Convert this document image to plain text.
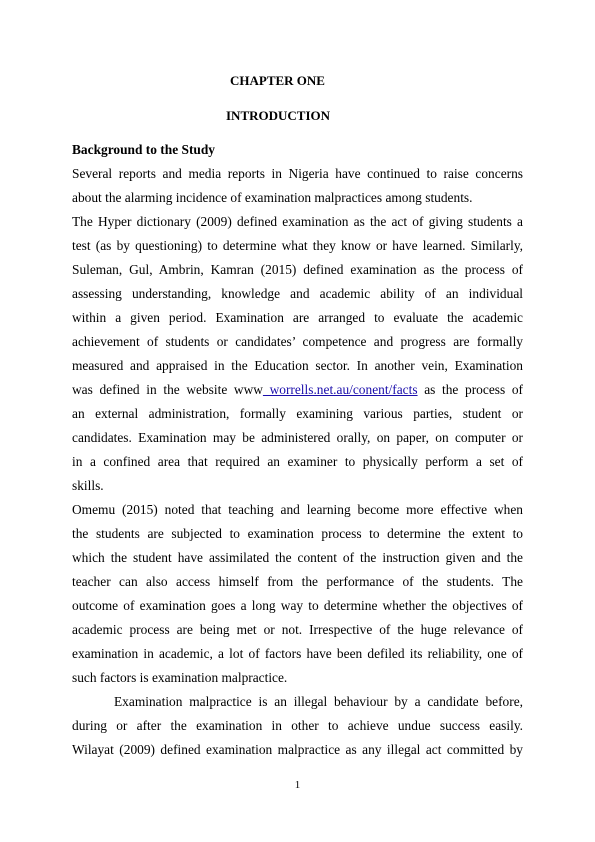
CHAPTER ONE
INTRODUCTION
Background to the Study
Several reports and media reports in Nigeria have continued to raise concerns
about the alarming incidence of examination malpractices among students.
The Hyper dictionary (2009) defined examination as the act of giving students a
test (as by questioning) to determine what they know or have learned. Similarly,
Suleman, Gul, Ambrin, Kamran (2015) defined examination as the process of
assessing understanding, knowledge and academic ability of an individual
within a given period. Examination are arranged to evaluate the academic
achievement of students or candidates’ competence and progress are formally
measured and appraised in the Education sector. In another vein, Examination
was defined in the website www worrells.net.au/conent/facts as the process of
an external administration, formally examining various parties, student or
candidates. Examination may be administered orally, on paper, on computer or
in a confined area that required an examiner to physically perform a set of
skills.
Omemu (2015) noted that teaching and learning become more effective when
the students are subjected to examination process to determine the extent to
which the student have assimilated the content of the instruction given and the
teacher can also access himself from the performance of the students. The
outcome of examination goes a long way to determine whether the objectives of
academic process are being met or not. Irrespective of the huge relevance of
examination in academic, a lot of factors have been defiled its reliability, one of
such factors is examination malpractice.
Examination malpractice is an illegal behaviour by a candidate before,
during or after the examination in other to achieve undue success easily.
Wilayat (2009) defined examination malpractice as any illegal act committed by
1
